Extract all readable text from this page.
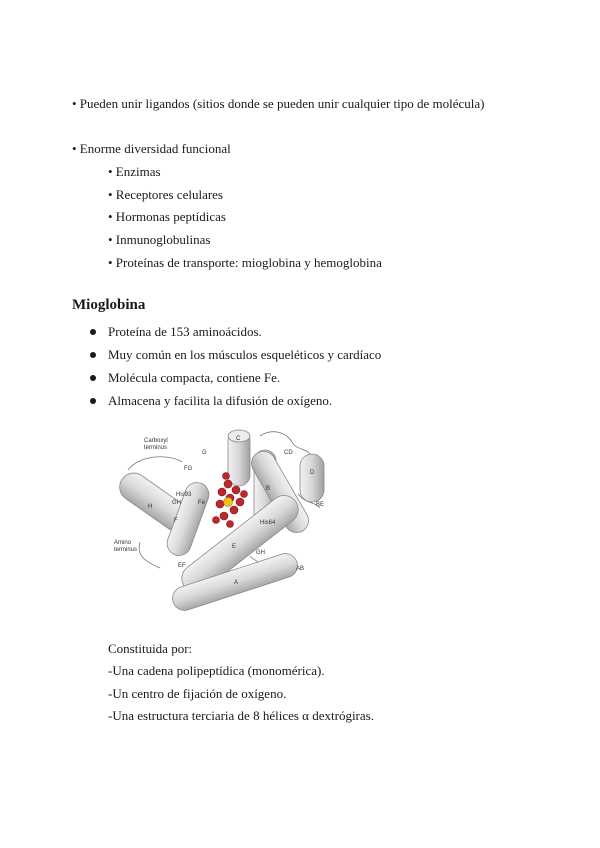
• Pueden unir ligandos (sitios donde se pueden unir cualquier tipo de molécula)
• Enorme diversidad funcional
• Enzimas
• Receptores celulares
• Hormonas peptídicas
• Inmunoglobulinas
• Proteínas de transporte: mioglobina y hemoglobina
Mioglobina
Proteína de 153 aminoácidos.
Muy común en los músculos esqueléticos y cardíaco
Molécula compacta, contiene Fe.
Almacena y facilita la difusión de oxígeno.
Carboxyl
terminus
G
C
CD
D
B
FG
H
His93
GH	Fe
F	His64
E
GH
BE
Amino
terminus
EF	AB
A
Constituida por:
-Una cadena polipeptídica (monomérica).
-Un centro de fijación de oxígeno.
-Una estructura terciaria de 8 hélices α dextrógiras.
